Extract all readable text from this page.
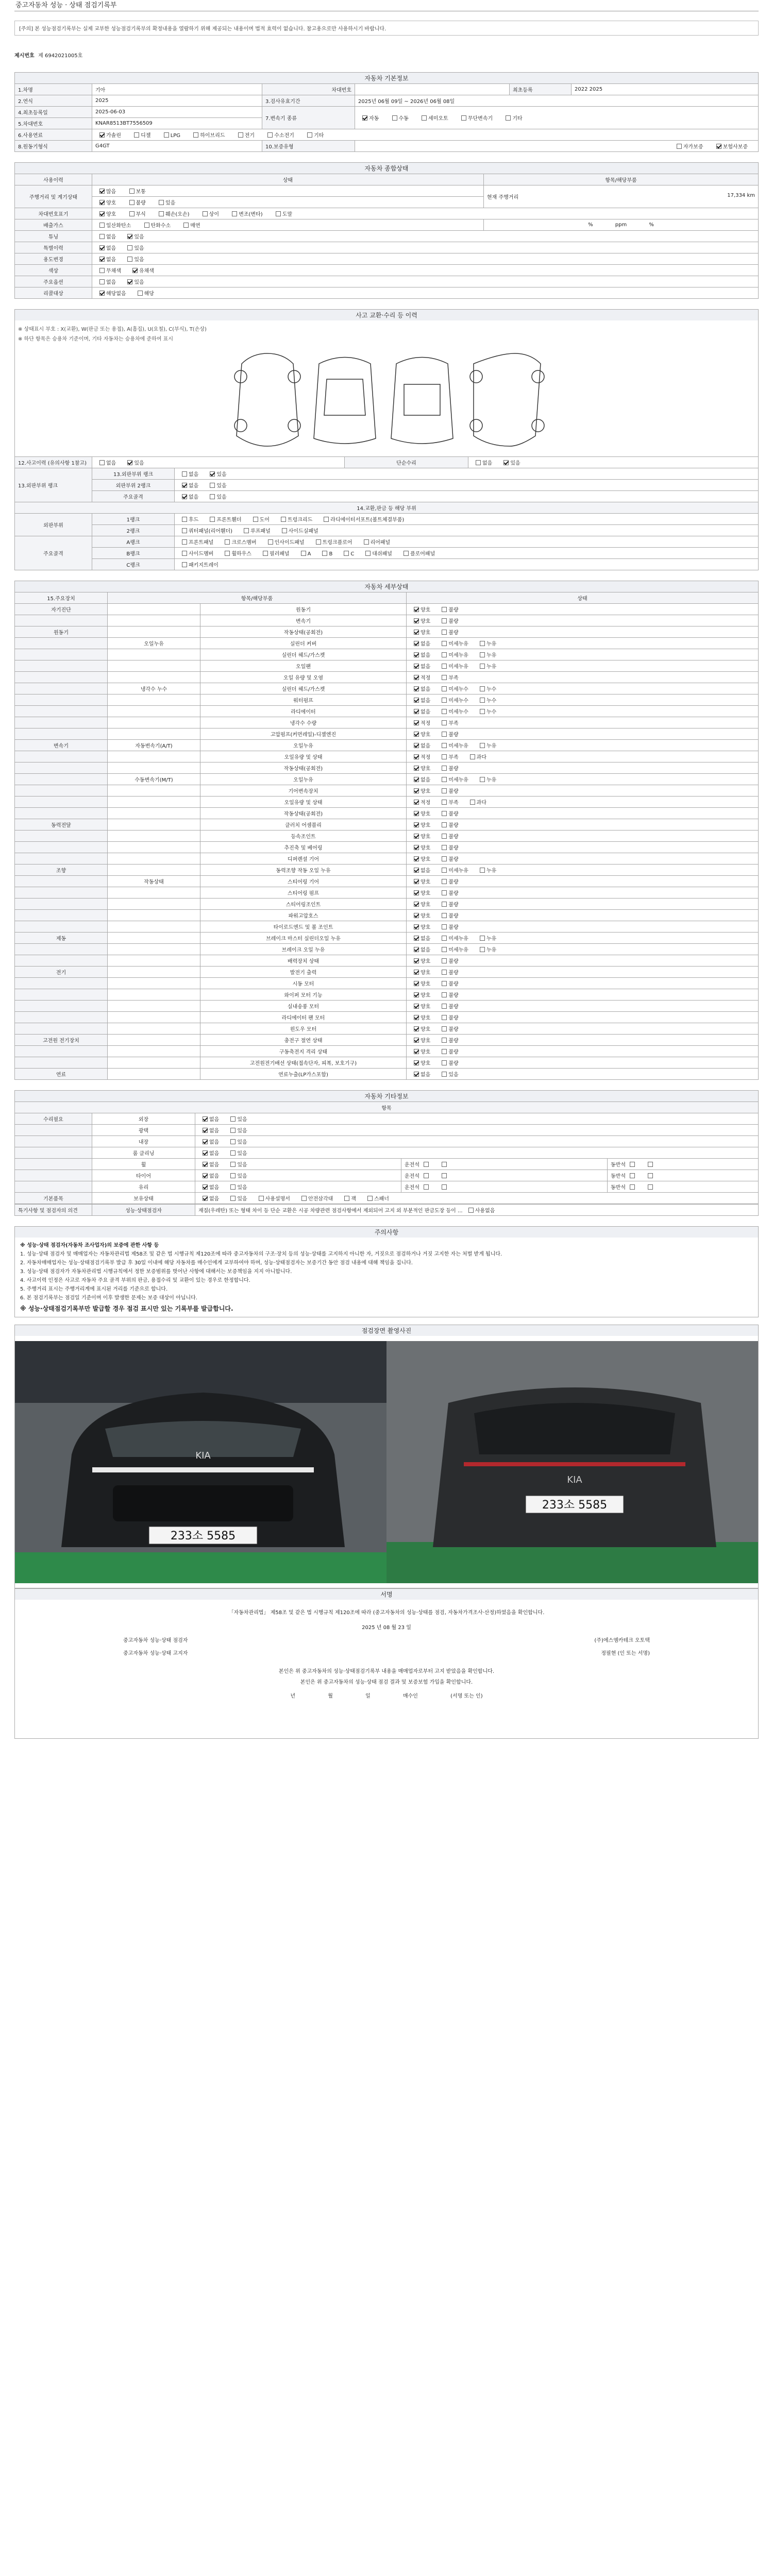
중고자동차 성능 · 상태 점검기록부
[주의] 본 성능점검기록부는 실제 교부한 성능점검기록부의 확정내용을 열람하기 위해 제공되는 내용이며 법적 효력이 없습니다. 참고용으로만 사용하시기 바랍니다.
제시번호 제 6942021005호
자동차 기본정보
1.차명	기아	차대번호		최초등록	2022 2025
2.연식	2025	3.검사유효기간	2025년 06월 09일 ~ 2026년 06월 08일		
4.최초등록일	2025-06-03	7.변속기 종류	자동 수동 세미오토 무단변속기 기타		
5.차대번호	KNAR8513BT7556509				
6.사용연료	가솔린 디젤 LPG 하이브리드 전기 수소전기 기타				
8.원동기형식	G4GT	10.보증유형	자가보증 보험사보증		
자동차 종합상태
사용이력	상태	항목/해당부품
주행거리 및 계기상태	많음 보통	현재 주행거리 17,334 km

	양호 불량 있음	
차대번호표기	양호 부식 훼손(오손) 상이 변조(변타) 도말	
배출가스	일산화탄소 탄화수소 매연	% ppm %
튜닝	없음 있음	
특별이력	없음 있음	
용도변경	없음 있음	
색상	무채색 유채색	
주요옵션	없음 있음	
리콜대상	해당없음 해당	
사고 교환·수리 등 이력
※ 상태표시 부호 : X(교환), W(판금 또는 용접), A(흠집), U(요철), C(부식), T(손상)
※ 하단 항목은 승용차 기준이며, 기타 자동차는 승용차에 준하여 표시
12.사고이력 (유의사항 1참고)	없음 있음		단순수리	없음 있음
13.외판부위 랭크	13.외판부위 랭크	없음 있음		
	외판부위 2랭크	없음 있음		
	주요골격	없음 있음		
14.교환,판금 등 해당 부위				
외판부위	1랭크	후드 프론트휀더 도어 트렁크리드 라디에이터서포트(볼트체결부품)		
	2랭크	쿼터패널(리어휀더) 루프패널 사이드실패널		
주요골격	A랭크	프론트패널 크로스멤버 인사이드패널 트렁크플로어 리어패널		
	B랭크	사이드멤버 휠하우스 필러패널 A B C 대쉬패널 플로어패널		
	C랭크	패키지트레이		
자동차 세부상태
15.주요장치	항목/해당부품		상태
자기진단		원동기	양호 불량
		변속기	양호 불량
원동기		작동상태(공회전)	양호 불량
	오일누유	실린더 커버	없음 미세누유 누유
		실린더 헤드/가스켓	없음 미세누유 누유
		오일팬	없음 미세누유 누유
		오일 유량 및 오염	적정 부족
	냉각수 누수	실린더 헤드/가스켓	없음 미세누수 누수
		워터펌프	없음 미세누수 누수
		라디에이터	없음 미세누수 누수
		냉각수 수량	적정 부족
		고압펌프(커먼레일)-디젤엔진	양호 불량
변속기	자동변속기(A/T)	오일누유	없음 미세누유 누유
		오일유량 및 상태	적정 부족 과다
		작동상태(공회전)	양호 불량
	수동변속기(M/T)	오일누유	없음 미세누유 누유
		기어변속장치	양호 불량
		오일유량 및 상태	적정 부족 과다
		작동상태(공회전)	양호 불량
동력전달		클러치 어셈블리	양호 불량
		등속조인트	양호 불량
		추진축 및 베어링	양호 불량
		디퍼렌셜 기어	양호 불량
조향		동력조향 작동 오일 누유	없음 미세누유 누유
	작동상태	스티어링 기어	양호 불량
		스티어링 펌프	양호 불량
		스티어링조인트	양호 불량
		파워고압호스	양호 불량
		타이로드엔드 및 볼 조인트	양호 불량
제동		브레이크 마스터 실린더오일 누유	없음 미세누유 누유
		브레이크 오일 누유	없음 미세누유 누유
		배력장치 상태	양호 불량
전기		발전기 출력	양호 불량
		시동 모터	양호 불량
		와이퍼 모터 기능	양호 불량
		실내송풍 모터	양호 불량
		라디에이터 팬 모터	양호 불량
		윈도우 모터	양호 불량
고전원 전기장치		충전구 절연 상태	양호 불량
		구동축전지 격리 상태	양호 불량
		고전원전기배선 상태(접속단자, 피복, 보호기구)	양호 불량
연료		연료누출(LP가스포함)	없음 있음
자동차 기타정보
항목				
수리필요	외장	없음 있음		
	광택	없음 있음		
	내장	없음 있음		
	룸 클리닝	없음 있음		
	휠	없음 있음	운전석	동반석
	타이어	없음 있음	운전석	동반석
	유리	없음 있음	운전석	동반석
기본품목	보유상태	없음 있음 사용설명서 안전삼각대 잭 스패너		
특기사항 및 점검자의 의견	성능·상태점검자	재질(우레탄) 또는 형태 차이 등 단순 교환은 시공 차량관련 점검사항에서 제외되어 고지 외 부분적인 판금도장 등이 ... 사용없음
주의사항

※ 성능·상태 점검자(자동차 조사업자)의 보증에 관한 사항 등

1. 성능·상태 점검자 및 매매업자는 자동차관리법 제58조 및 같은 법 시행규칙 제120조에 따라 중고자동차의 구조·장치 등의 성능·상태를 고지하지 아니한 자, 거짓으로 점검하거나 거짓 고지한 자는 처벌 받게 됩니다.

2. 자동차매매업자는 성능·상태점검기록부 발급 후 30일 이내에 해당 자동차를 매수인에게 교부하여야 하며, 성능·상태점검자는 보증기간 동안 점검 내용에 대해 책임을 집니다.

3. 성능·상태 점검자가 자동차관리법 시행규칙에서 정한 보증범위를 벗어난 사항에 대해서는 보증책임을 지지 아니합니다.

4. 사고이력 인정은 사고로 자동차 주요 골격 부위의 판금, 용접수리 및 교환이 있는 경우로 한정합니다.

5. 주행거리 표시는 주행거리계에 표시된 거리를 기준으로 합니다.

6. 본 점검기록부는 점검일 기준이며 이후 발생한 문제는 보증 대상이 아닙니다.

※ 성능·상태점검기록부만 발급할 경우 점검 표시만 있는 기록부를 발급합니다.

점검장면 촬영사진
KIA
233소 5585
KIA
233소 5585
서명
「자동차관리법」 제58조 및 같은 법 시행규칙 제120조에 따라 (중고자동차의 성능·상태를 점검, 자동차가격조사·산정)하였음을 확인합니다.
2025 년 08 월 23 일
중고자동차 성능·상태 점검자	(주)에스엠카테크 오토택
중고자동차 성능·상태 고지자	정필현 (인 또는 서명)
본인은 위 중고자동차의 성능·상태점검기록부 내용을 매매업자로부터 고지 받았음을 확인합니다.
본인은 위 중고자동차의 성능·상태 점검 결과 및 보증보험 가입을 확인합니다.
년	월	일	매수인	(서명 또는 인)
